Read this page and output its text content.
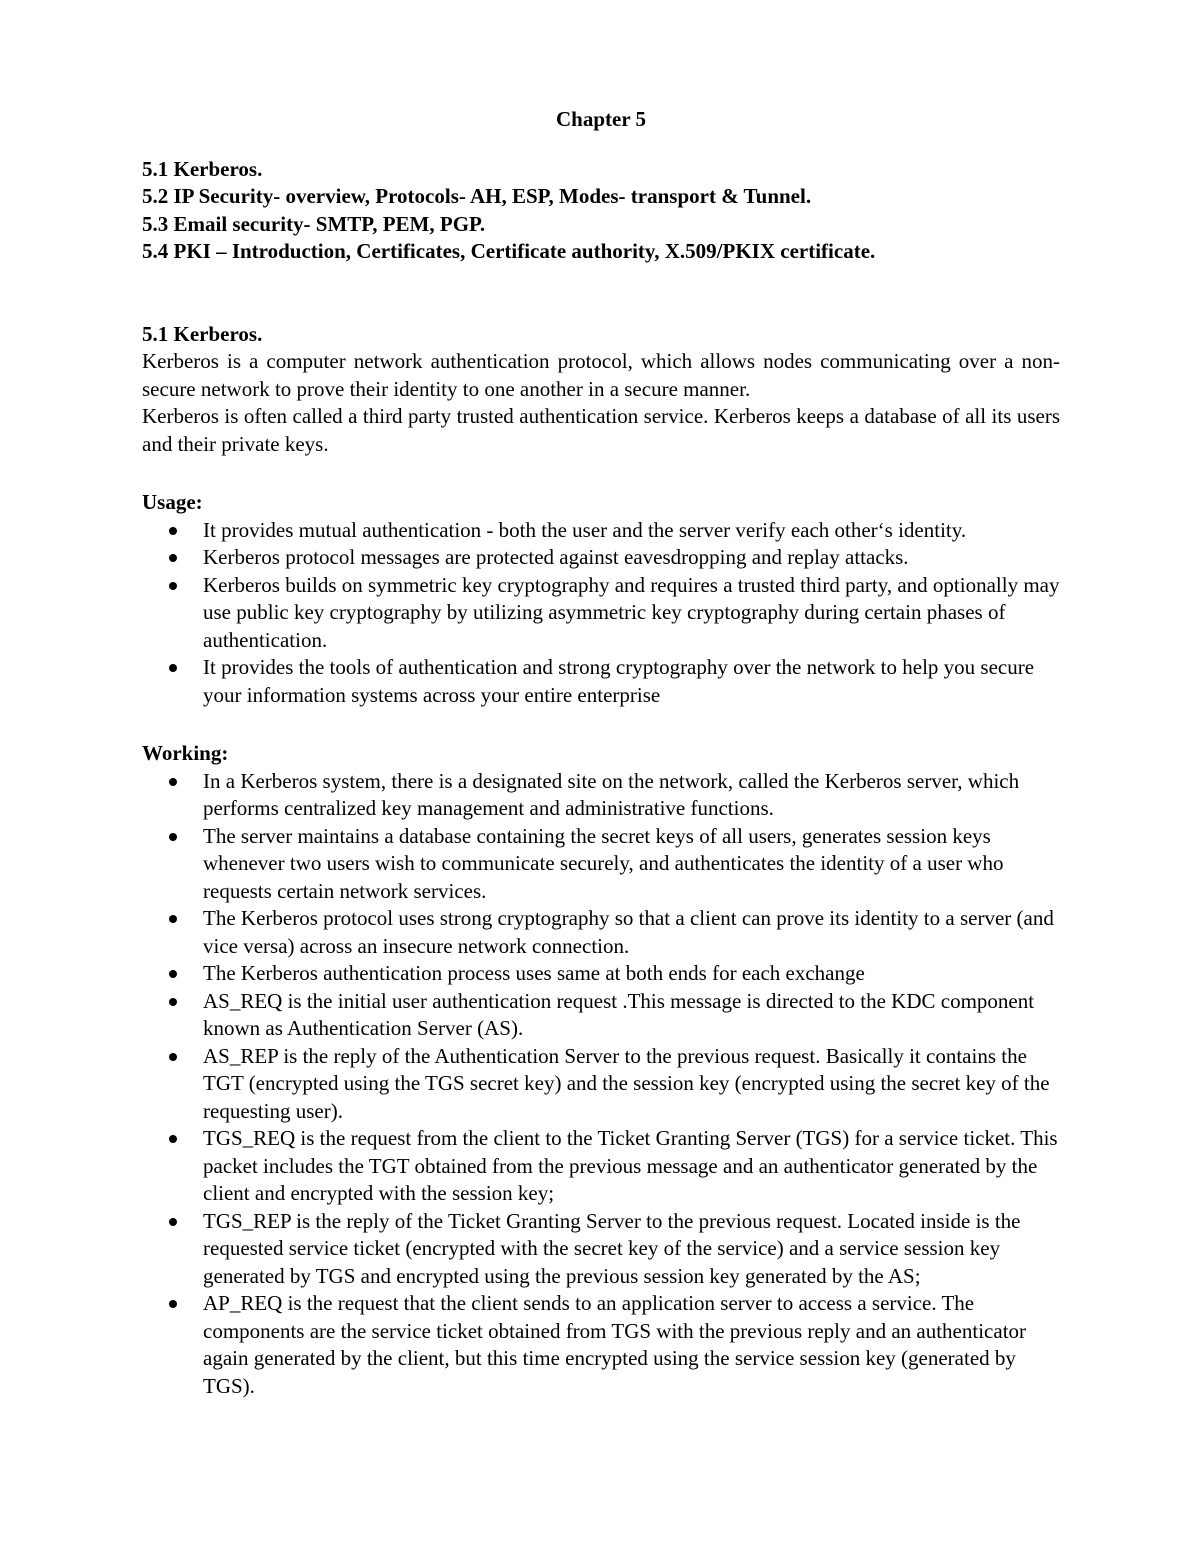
Chapter 5

5.1 Kerberos.

5.2 IP Security- overview, Protocols- AH, ESP, Modes- transport & Tunnel.

5.3 Email security- SMTP, PEM, PGP.

5.4 PKI – Introduction, Certificates, Certificate authority, X.509/PKIX certificate.

5.1 Kerberos.

Kerberos is a computer network authentication protocol, which allows nodes communicating over a non-secure network to prove their identity to one another in a secure manner.

Kerberos is often called a third party trusted authentication service. Kerberos keeps a database of all its users and their private keys.

Usage:

It provides mutual authentication - both the user and the server verify each other‘s identity.
Kerberos protocol messages are protected against eavesdropping and replay attacks.
Kerberos builds on symmetric key cryptography and requires a trusted third party, and optionally may use public key cryptography by utilizing asymmetric key cryptography during certain phases of authentication.
It provides the tools of authentication and strong cryptography over the network to help you secure your information systems across your entire enterprise

Working:

In a Kerberos system, there is a designated site on the network, called the Kerberos server, which performs centralized key management and administrative functions.
The server maintains a database containing the secret keys of all users, generates session keys whenever two users wish to communicate securely, and authenticates the identity of a user who requests certain network services.
The Kerberos protocol uses strong cryptography so that a client can prove its identity to a server (and vice versa) across an insecure network connection.
The Kerberos authentication process uses same at both ends for each exchange
AS_REQ is the initial user authentication request .This message is directed to the KDC component known as Authentication Server (AS).
AS_REP is the reply of the Authentication Server to the previous request. Basically it contains the TGT (encrypted using the TGS secret key) and the session key (encrypted using the secret key of the requesting user).
TGS_REQ is the request from the client to the Ticket Granting Server (TGS) for a service ticket. This packet includes the TGT obtained from the previous message and an authenticator generated by the client and encrypted with the session key;
TGS_REP is the reply of the Ticket Granting Server to the previous request. Located inside is the requested service ticket (encrypted with the secret key of the service) and a service session key generated by TGS and encrypted using the previous session key generated by the AS;
AP_REQ is the request that the client sends to an application server to access a service. The components are the service ticket obtained from TGS with the previous reply and an authenticator again generated by the client, but this time encrypted using the service session key (generated by TGS).
